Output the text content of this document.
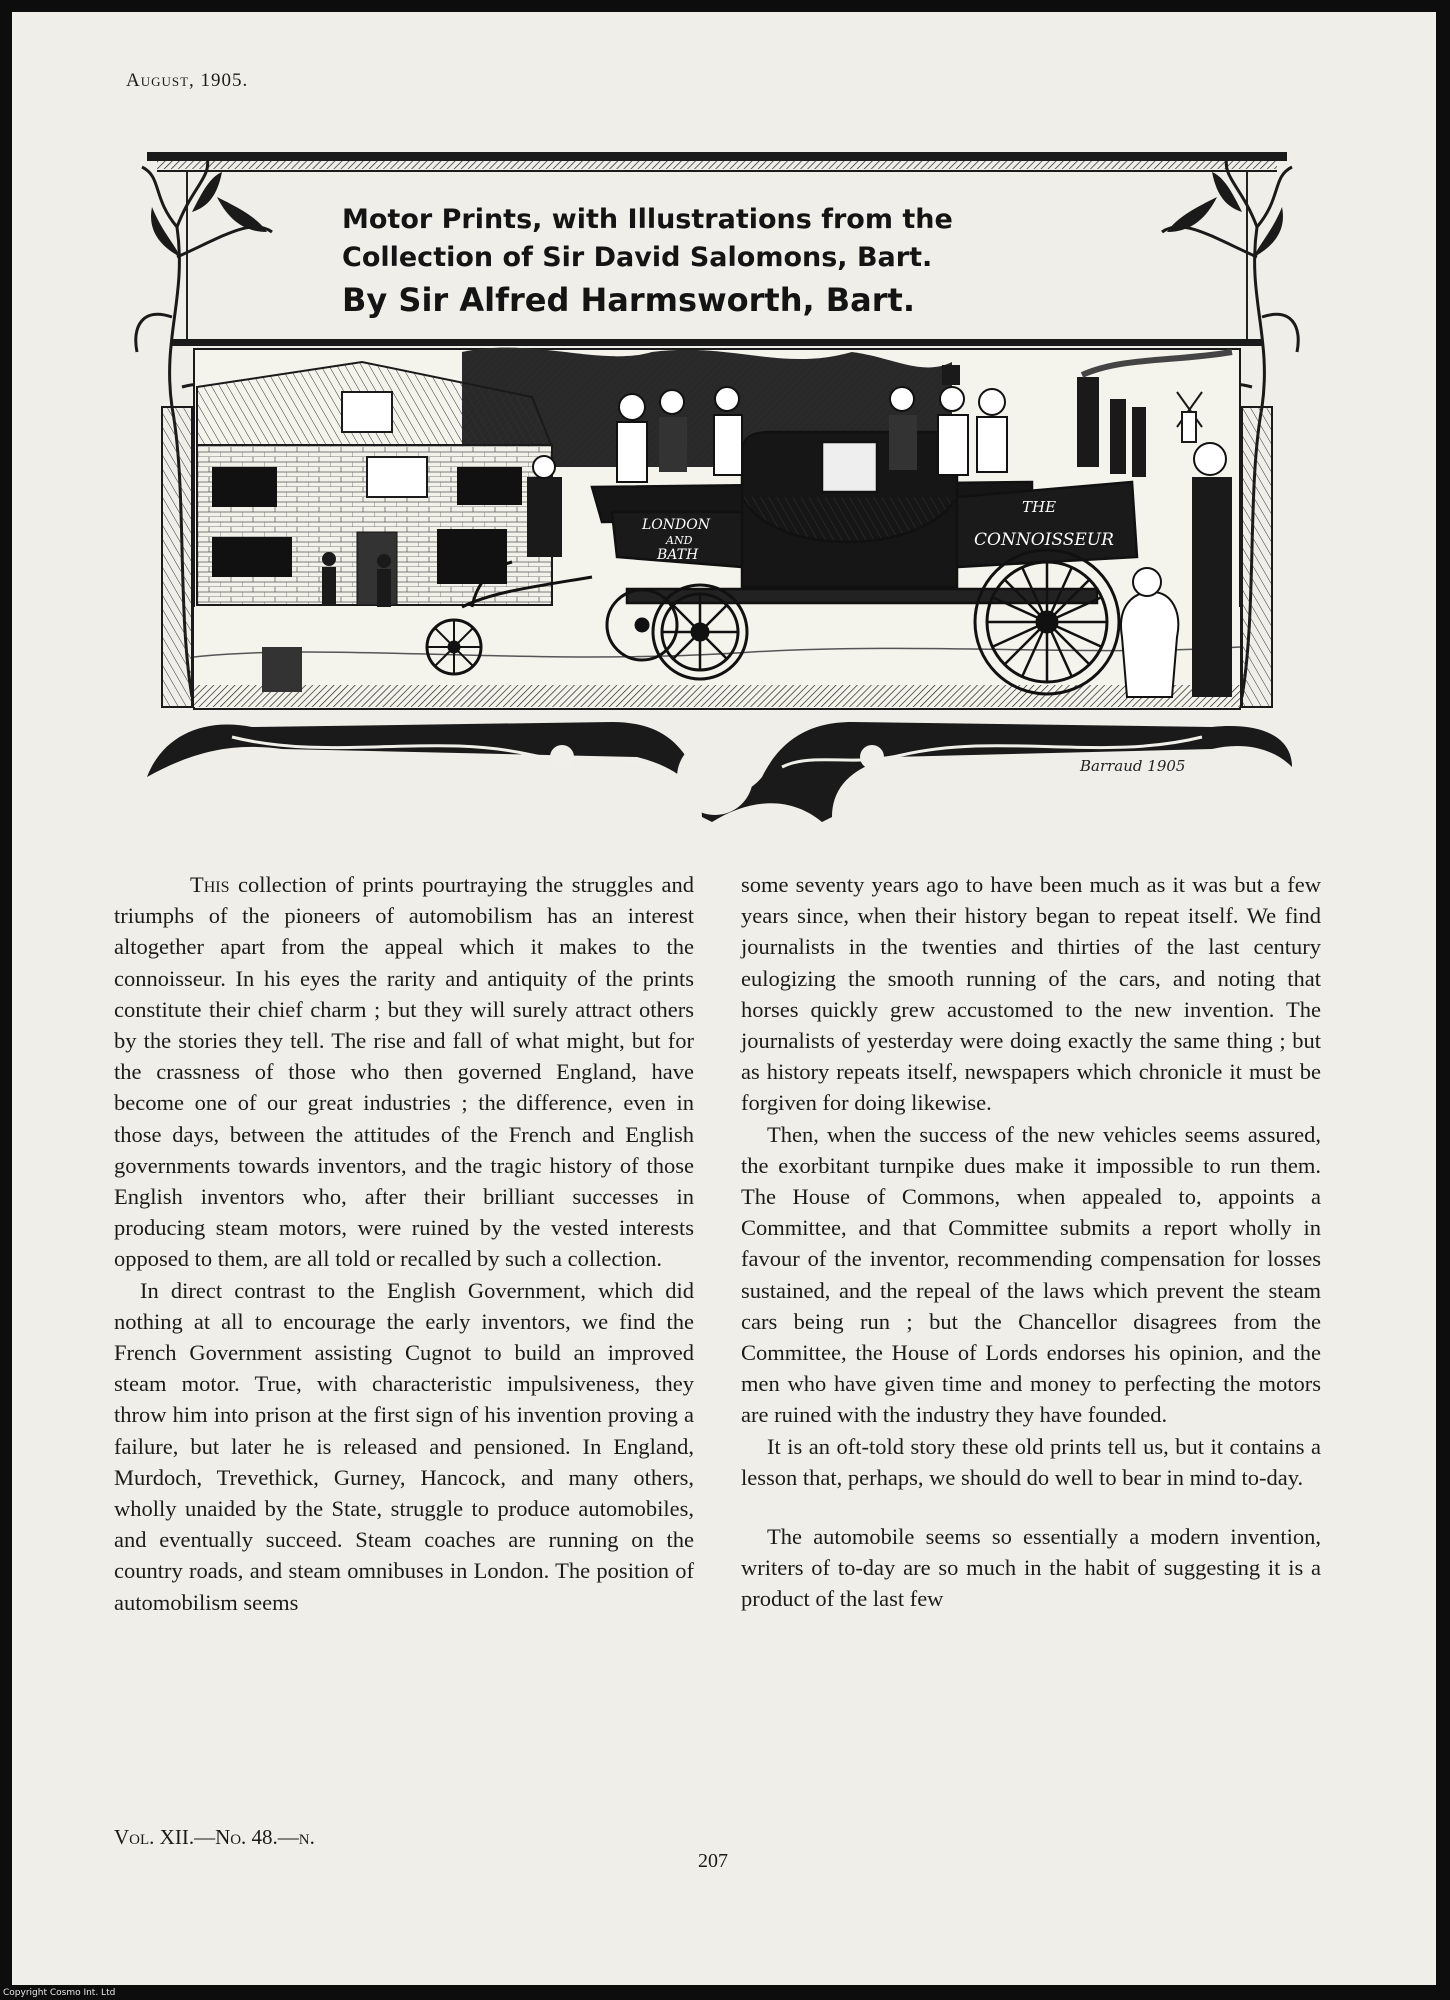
August, 1905.
LONDON
AND
BATH
THE
CONNOISSEUR
Motor Prints, with Illustrations from the
Collection of Sir David Salomons, Bart.
By Sir Alfred Harmsworth, Bart.
Barraud 1905

This collection of prints pourtraying the struggles and triumphs of the pioneers of automobilism has an interest altogether apart from the appeal which it makes to the connoisseur. In his eyes the rarity and antiquity of the prints constitute their chief charm ; but they will surely attract others by the stories they tell. The rise and fall of what might, but for the crassness of those who then governed England, have become one of our great industries ; the difference, even in those days, between the attitudes of the French and English governments towards inventors, and the tragic history of those English inventors who, after their brilliant successes in producing steam motors, were ruined by the vested interests opposed to them, are all told or recalled by such a collection.

In direct contrast to the English Government, which did nothing at all to encourage the early inventors, we find the French Government assisting Cugnot to build an improved steam motor. True, with characteristic impulsiveness, they throw him into prison at the first sign of his invention proving a failure, but later he is released and pensioned. In England, Murdoch, Trevethick, Gurney, Hancock, and many others, wholly unaided by the State, struggle to produce automobiles, and eventually succeed. Steam coaches are running on the country roads, and steam omnibuses in London. The position of automobilism seems

some seventy years ago to have been much as it was but a few years since, when their history began to repeat itself. We find journalists in the twenties and thirties of the last century eulogizing the smooth running of the cars, and noting that horses quickly grew accustomed to the new invention. The journalists of yesterday were doing exactly the same thing ; but as history repeats itself, newspapers which chronicle it must be forgiven for doing likewise.

Then, when the success of the new vehicles seems assured, the exorbitant turnpike dues make it impossible to run them. The House of Commons, when appealed to, appoints a Committee, and that Committee submits a report wholly in favour of the inventor, recommending compensation for losses sustained, and the repeal of the laws which prevent the steam cars being run ; but the Chancellor disagrees from the Committee, the House of Lords endorses his opinion, and the men who have given time and money to perfecting the motors are ruined with the industry they have founded.

It is an oft-told story these old prints tell us, but it contains a lesson that, perhaps, we should do well to bear in mind to-day.

The automobile seems so essentially a modern invention, writers of to-day are so much in the habit of suggesting it is a product of the last few

Vol. XII.—No. 48.—n.
207
Copyright Cosmo Int. Ltd
